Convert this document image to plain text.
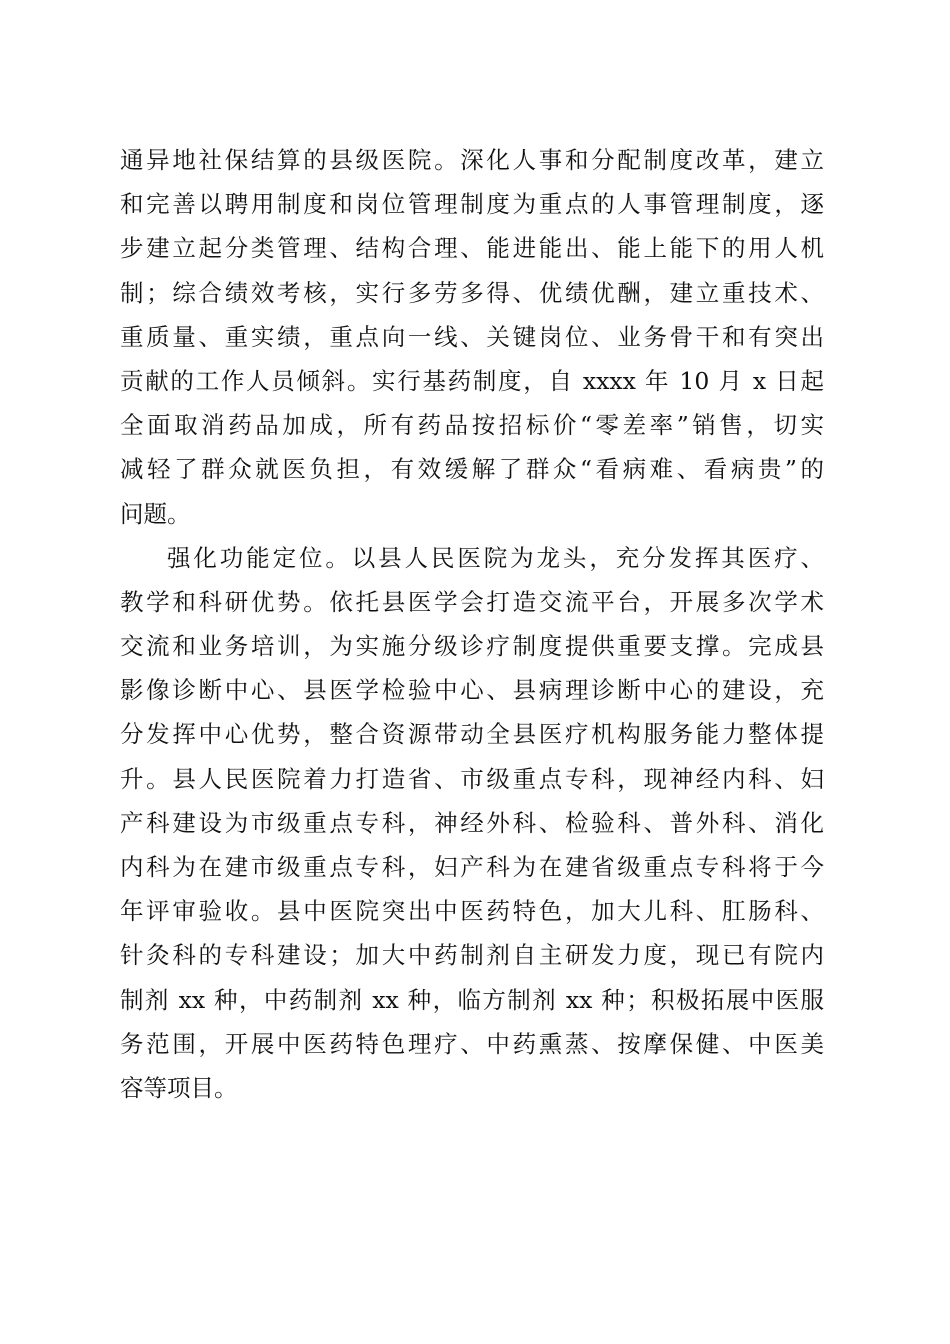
通异地社保结算的县级医院。深化人事和分配制度改革，建立
和完善以聘用制度和岗位管理制度为重点的人事管理制度，逐
步建立起分类管理、结构合理、能进能出、能上能下的用人机
制；综合绩效考核，实行多劳多得、优绩优酬，建立重技术、
重质量、重实绩，重点向一线、关键岗位、业务骨干和有突出
贡献的工作人员倾斜。实行基药制度，自 xxxx 年 10 月 x 日起
全面取消药品加成，所有药品按招标价“零差率”销售，切实
减轻了群众就医负担，有效缓解了群众“看病难、看病贵”的
问题。
强化功能定位。以县人民医院为龙头，充分发挥其医疗、
教学和科研优势。依托县医学会打造交流平台，开展多次学术
交流和业务培训，为实施分级诊疗制度提供重要支撑。完成县
影像诊断中心、县医学检验中心、县病理诊断中心的建设，充
分发挥中心优势，整合资源带动全县医疗机构服务能力整体提
升。县人民医院着力打造省、市级重点专科，现神经内科、妇
产科建设为市级重点专科，神经外科、检验科、普外科、消化
内科为在建市级重点专科，妇产科为在建省级重点专科将于今
年评审验收。县中医院突出中医药特色，加大儿科、肛肠科、
针灸科的专科建设；加大中药制剂自主研发力度，现已有院内
制剂 xx 种，中药制剂 xx 种，临方制剂 xx 种；积极拓展中医服
务范围，开展中医药特色理疗、中药熏蒸、按摩保健、中医美
容等项目。
